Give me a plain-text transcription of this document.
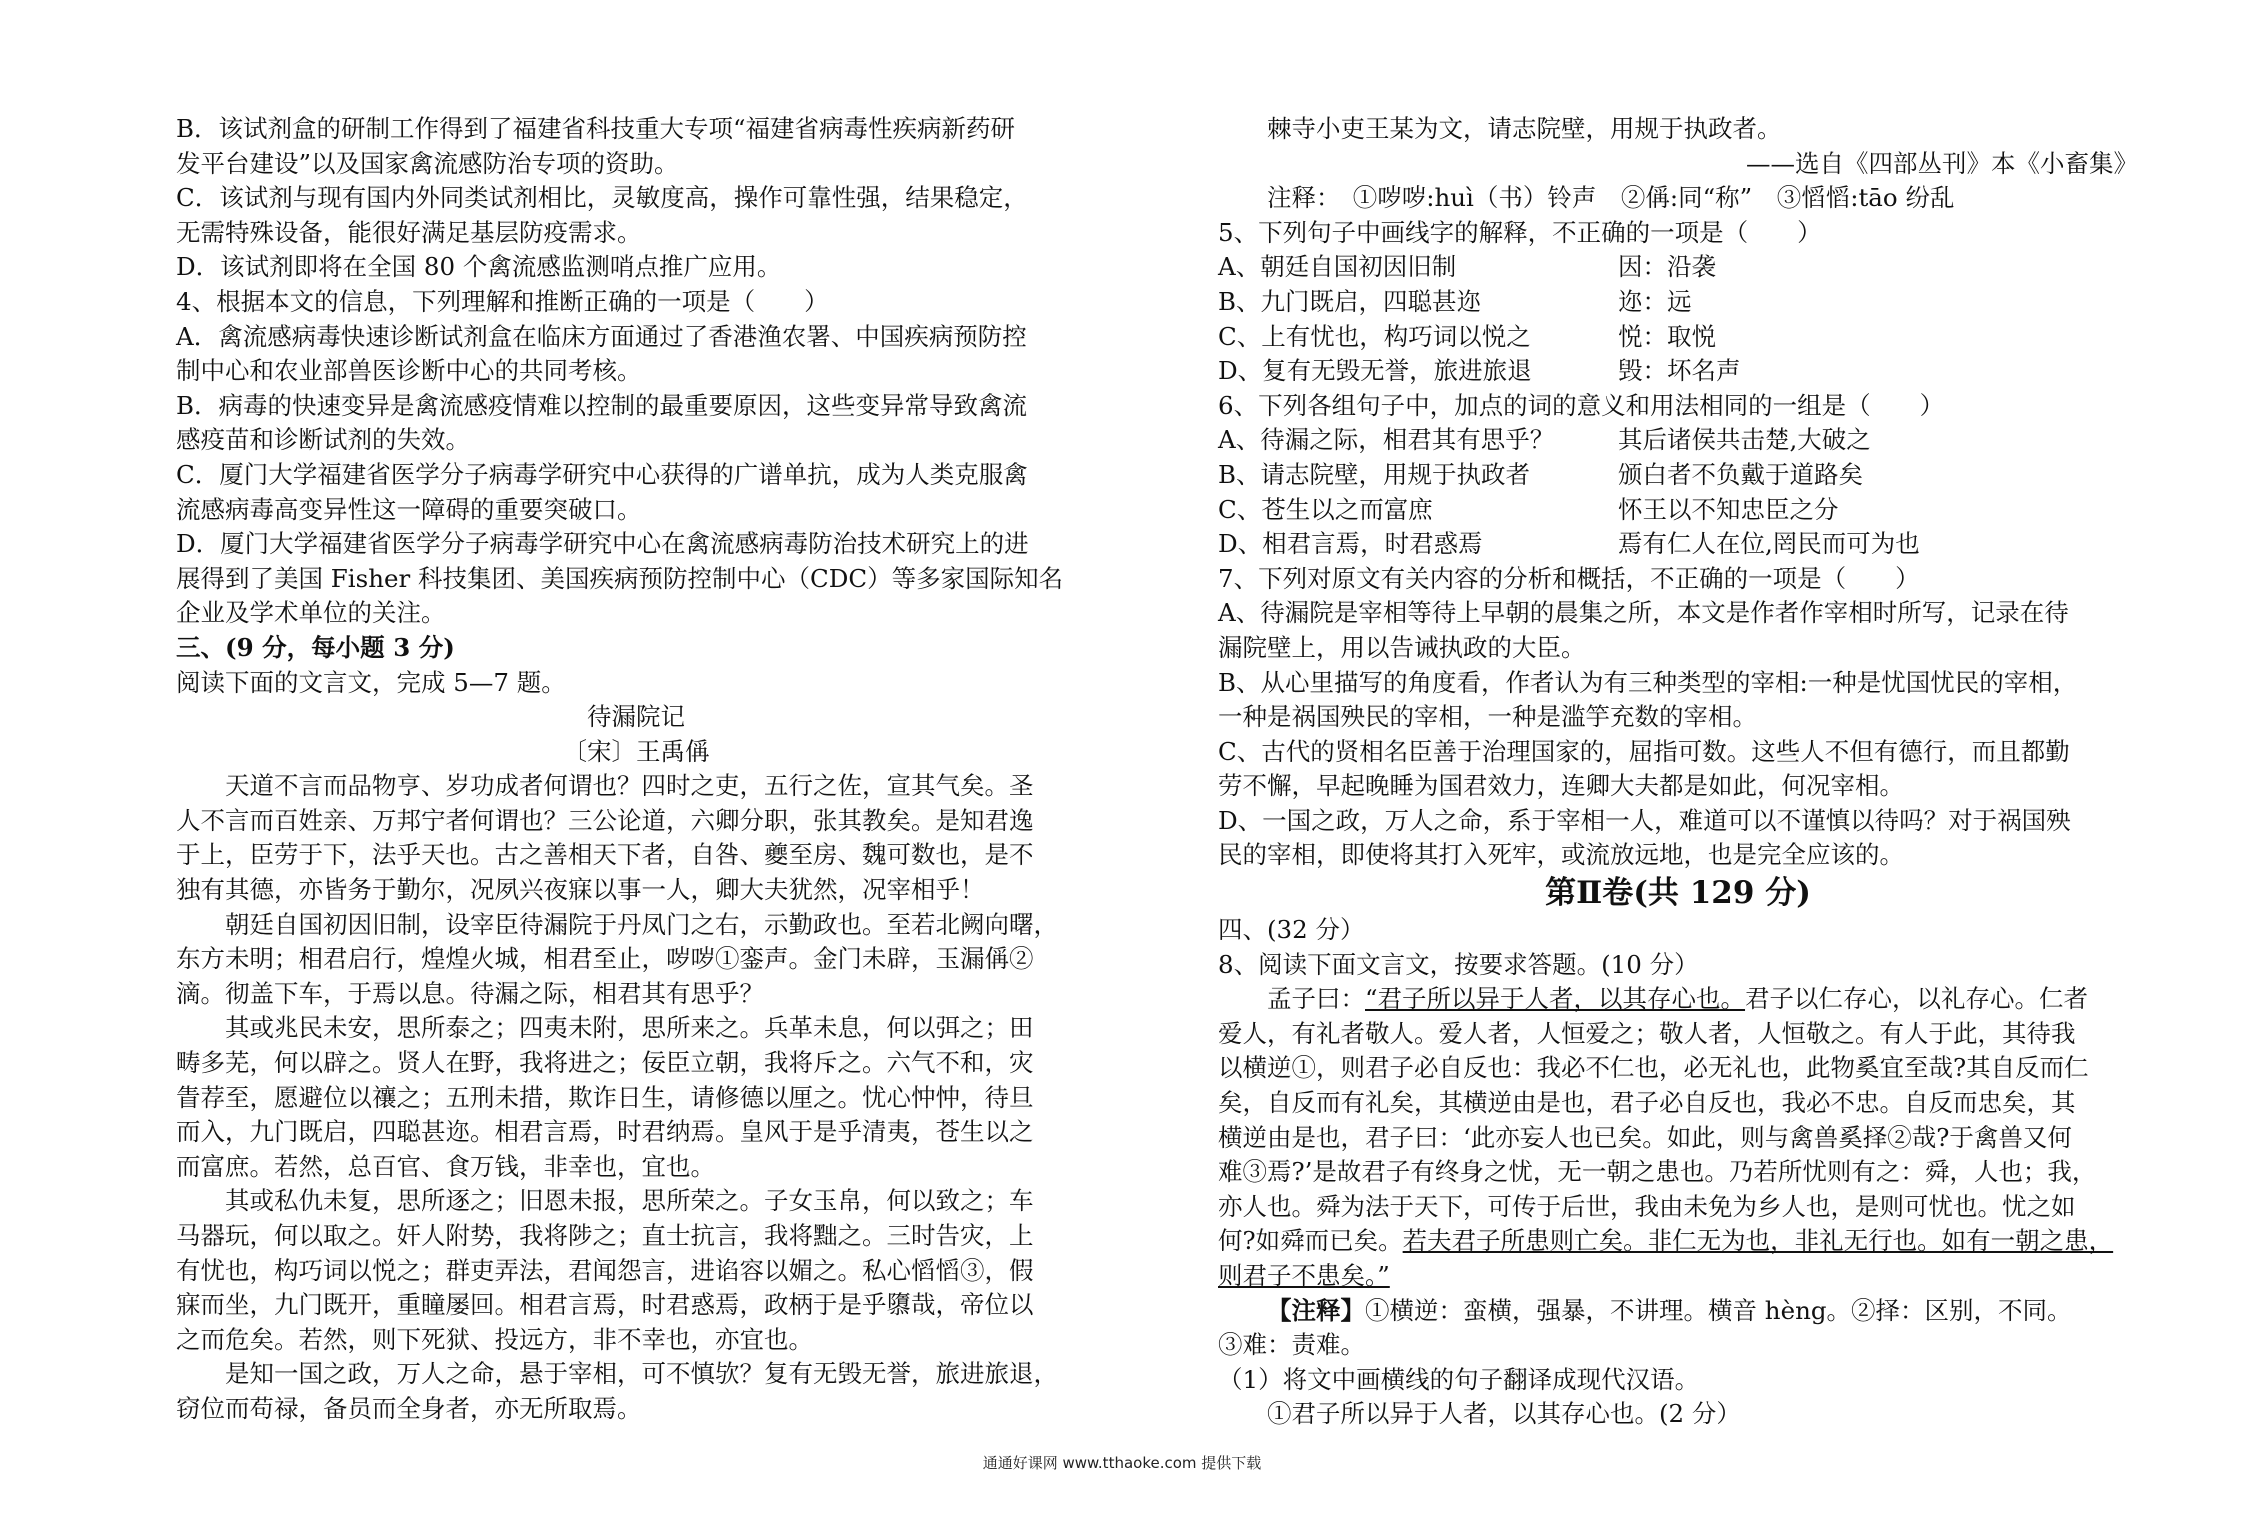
B．该试剂盒的研制工作得到了福建省科技重大专项“福建省病毒性疾病新药研

发平台建设”以及国家禽流感防治专项的资助。

C．该试剂与现有国内外同类试剂相比，灵敏度高，操作可靠性强，结果稳定，

无需特殊设备，能很好满足基层防疫需求。

D．该试剂即将在全国 80 个禽流感监测哨点推广应用。

4、根据本文的信息，下列理解和推断正确的一项是（　　）

A．禽流感病毒快速诊断试剂盒在临床方面通过了香港渔农署、中国疾病预防控

制中心和农业部兽医诊断中心的共同考核。

B．病毒的快速变异是禽流感疫情难以控制的最重要原因，这些变异常导致禽流

感疫苗和诊断试剂的失效。

C．厦门大学福建省医学分子病毒学研究中心获得的广谱单抗，成为人类克服禽

流感病毒高变异性这一障碍的重要突破口。

D．厦门大学福建省医学分子病毒学研究中心在禽流感病毒防治技术研究上的进

展得到了美国 Fisher 科技集团、美国疾病预防控制中心（CDC）等多家国际知名

企业及学术单位的关注。

三、(9 分，每小题 3 分)

阅读下面的文言文，完成 5—7 题。

待漏院记

〔宋〕王禹偁

天道不言而品物亨、岁功成者何谓也？四时之吏，五行之佐，宣其气矣。圣

人不言而百姓亲、万邦宁者何谓也？三公论道，六卿分职，张其教矣。是知君逸

于上，臣劳于下，法乎天也。古之善相天下者，自咎、夔至房、魏可数也，是不

独有其德，亦皆务于勤尔，况夙兴夜寐以事一人，卿大夫犹然，况宰相乎！

朝廷自国初因旧制，设宰臣待漏院于丹凤门之右，示勤政也。至若北阙向曙，

东方未明；相君启行，煌煌火城，相君至止，哕哕①銮声。金门未辟，玉漏偁②

滴。彻盖下车，于焉以息。待漏之际，相君其有思乎？

其或兆民未安，思所泰之；四夷未附，思所来之。兵革未息，何以弭之；田

畴多芜，何以辟之。贤人在野，我将进之；佞臣立朝，我将斥之。六气不和，灾

眚荐至，愿避位以禳之；五刑未措，欺诈日生，请修德以厘之。忧心忡忡，待旦

而入，九门既启，四聪甚迩。相君言焉，时君纳焉。皇风于是乎清夷，苍生以之

而富庶。若然，总百官、食万钱，非幸也，宜也。

其或私仇未复，思所逐之；旧恩未报，思所荣之。子女玉帛，何以致之；车

马器玩，何以取之。奸人附势，我将陟之；直士抗言，我将黜之。三时告灾，上

有忧也，构巧词以悦之；群吏弄法，君闻怨言，进谄容以媚之。私心慆慆③，假

寐而坐，九门既开，重瞳屡回。相君言焉，时君惑焉，政柄于是乎隳哉，帝位以

之而危矣。若然，则下死狱、投远方，非不幸也，亦宜也。

是知一国之政，万人之命，悬于宰相，可不慎欤？复有无毁无誉，旅进旅退，

窃位而苟禄，备员而全身者，亦无所取焉。

棘寺小吏王某为文，请志院壁，用规于执政者。

——选自《四部丛刊》本《小畜集》

注释：　①哕哕:huì（书）铃声　②偁:同“称”　③慆慆:tāo 纷乱

5、下列句子中画线字的解释，不正确的一项是（　　）

A、朝廷自国初因旧制	因：沿袭
B、九门既启，四聪甚迩	迩：远
C、上有忧也，构巧词以悦之	悦：取悦
D、复有无毁无誉，旅进旅退	毁：坏名声

6、下列各组句子中，加点的词的意义和用法相同的一组是（　　）

A、待漏之际，相君其有思乎？	其后诸侯共击楚,大破之
B、请志院壁，用规于执政者	颁白者不负戴于道路矣
C、苍生以之而富庶	怀王以不知忠臣之分
D、相君言焉，时君惑焉	焉有仁人在位,罔民而可为也

7、下列对原文有关内容的分析和概括，不正确的一项是（　　）

A、待漏院是宰相等待上早朝的晨集之所，本文是作者作宰相时所写，记录在待

漏院壁上，用以告诫执政的大臣。

B、从心里描写的角度看，作者认为有三种类型的宰相:一种是忧国忧民的宰相，

一种是祸国殃民的宰相，一种是滥竽充数的宰相。

C、古代的贤相名臣善于治理国家的，屈指可数。这些人不但有德行，而且都勤

劳不懈，早起晚睡为国君效力，连卿大夫都是如此，何况宰相。

D、一国之政，万人之命，系于宰相一人，难道可以不谨慎以待吗？对于祸国殃

民的宰相，即使将其打入死牢，或流放远地，也是完全应该的。

第Ⅱ卷(共 129 分)

四、(32 分）

8、阅读下面文言文，按要求答题。(10 分）

孟子曰：“君子所以异于人者，以其存心也。君子以仁存心，以礼存心。仁者

爱人，有礼者敬人。爱人者，人恒爱之；敬人者，人恒敬之。有人于此，其待我

以横逆①，则君子必自反也：我必不仁也，必无礼也，此物奚宜至哉?其自反而仁

矣，自反而有礼矣，其横逆由是也，君子必自反也，我必不忠。自反而忠矣，其

横逆由是也，君子曰：‘此亦妄人也已矣。如此，则与禽兽奚择②哉?于禽兽又何

难③焉?’是故君子有终身之忧，无一朝之患也。乃若所忧则有之：舜，人也；我，

亦人也。舜为法于天下，可传于后世，我由未免为乡人也，是则可忧也。忧之如

何?如舜而已矣。若夫君子所患则亡矣。非仁无为也，非礼无行也。如有一朝之患，

则君子不患矣。”

【注释】①横逆：蛮横，强暴，不讲理。横音 hèng。②择：区别，不同。

③难：责难。

（1）将文中画横线的句子翻译成现代汉语。

①君子所以异于人者，以其存心也。(2 分）

通通好课网 www.tthaoke.com 提供下载
